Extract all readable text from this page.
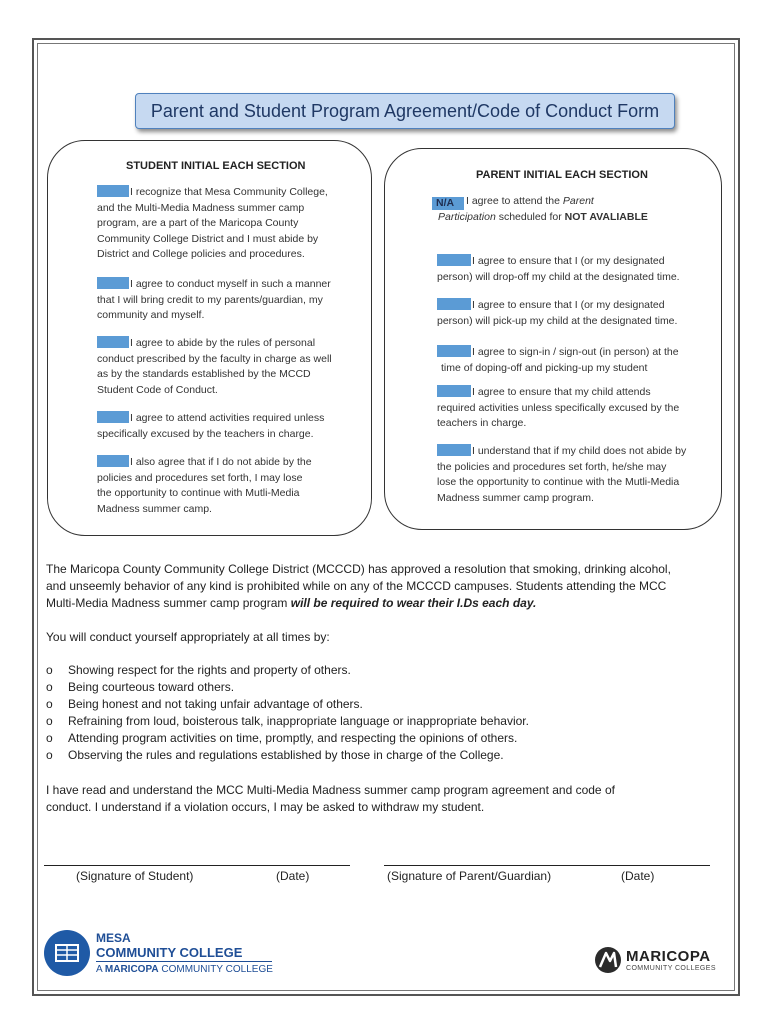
Parent and Student Program Agreement/Code of Conduct Form
STUDENT INITIAL EACH SECTION
I recognize that Mesa Community College,
and the Multi-Media Madness summer camp
program, are a part of the Maricopa County
Community College District and I must abide by
District and College policies and procedures.
I agree to conduct myself in such a manner
that I will bring credit to my parents/guardian, my
community and myself.
I agree to abide by the rules of personal
conduct prescribed by the faculty in charge as well
as by the standards established by the MCCD
Student Code of Conduct.
I agree to attend activities required unless
specifically excused by the teachers in charge.
I also agree that if I do not abide by the
policies and procedures set forth, I may lose
the opportunity to continue with Mutli-Media
Madness summer camp.
PARENT INITIAL EACH SECTION
N/A I agree to attend the Parent
Participation scheduled for NOT AVALIABLE
I agree to ensure that I (or my designated
person) will drop-off my child at the designated time.
I agree to ensure that I (or my designated
person) will pick-up my child at the designated time.
I agree to sign-in / sign-out (in person) at the
time of doping-off and picking-up my student
I agree to ensure that my child attends
required activities unless specifically excused by the
teachers in charge.
I understand that if my child does not abide by
the policies and procedures set forth, he/she may
lose the opportunity to continue with the Mutli-Media
Madness summer camp program.
The Maricopa County Community College District (MCCCD) has approved a resolution that smoking, drinking alcohol,
and unseemly behavior of any kind is prohibited while on any of the MCCCD campuses. Students attending the MCC
Multi-Media Madness summer camp program will be required to wear their I.Ds each day.
You will conduct yourself appropriately at all times by:
o	Showing respect for the rights and property of others.
o	Being courteous toward others.
o	Being honest and not taking unfair advantage of others.
o	Refraining from loud, boisterous talk, inappropriate language or inappropriate behavior.
o	Attending program activities on time, promptly, and respecting the opinions of others.
o	Observing the rules and regulations established by those in charge of the College.
I have read and understand the MCC Multi-Media Madness summer camp program agreement and code of
conduct. I understand if a violation occurs, I may be asked to withdraw my student.
(Signature of Student)	(Date)	(Signature of Parent/Guardian)	(Date)
MESA
COMMUNITY COLLEGE
A MARICOPA COMMUNITY COLLEGE
MARICOPA
COMMUNITY COLLEGES
